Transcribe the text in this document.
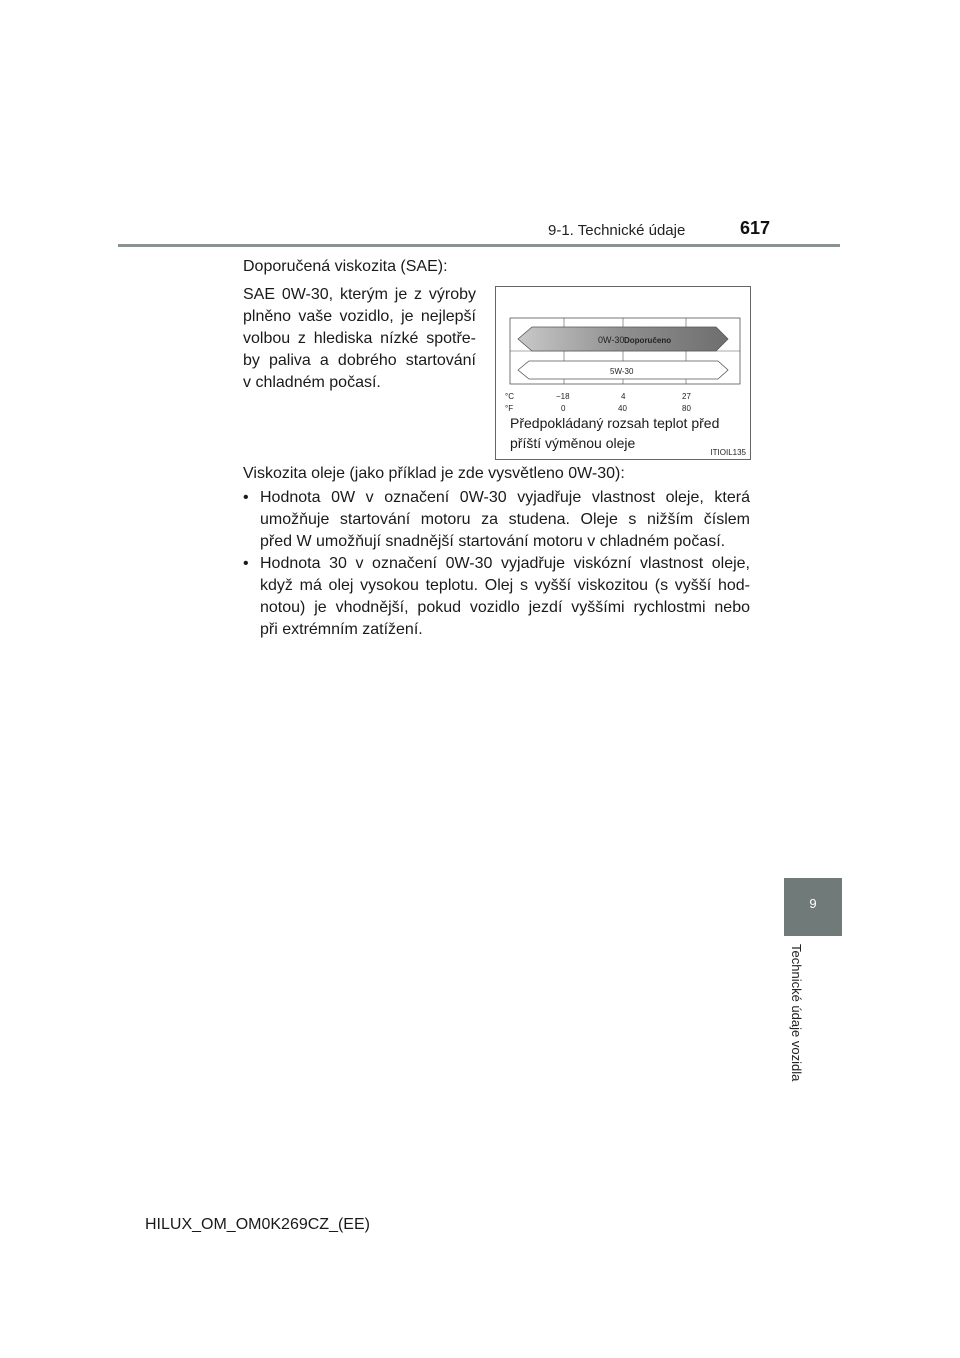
9-1. Technické údaje	617
9
Technické údaje vozidla
Doporučená viskozita (SAE):
SAE 0W-30, kterým je z výroby
plněno vaše vozidlo, je nejlepší
volbou z hlediska nízké spotře-
by paliva a dobrého startování
v chladném počasí.
0W-30 Doporučeno
5W-30
°C
°F
−18	4	27
0	40	80
Předpokládaný rozsah teplot před
příští výměnou oleje
ITIOIL135
Viskozita oleje (jako příklad je zde vysvětleno 0W-30):
• Hodnota 0W v označení 0W-30 vyjadřuje vlastnost oleje, která
umožňuje startování motoru za studena. Oleje s nižším číslem
před W umožňují snadnější startování motoru v chladném počasí.
• Hodnota 30 v označení 0W-30 vyjadřuje viskózní vlastnost oleje,
když má olej vysokou teplotu. Olej s vyšší viskozitou (s vyšší hod-
notou) je vhodnější, pokud vozidlo jezdí vyššími rychlostmi nebo
při extrémním zatížení.
HILUX_OM_OM0K269CZ_(EE)
